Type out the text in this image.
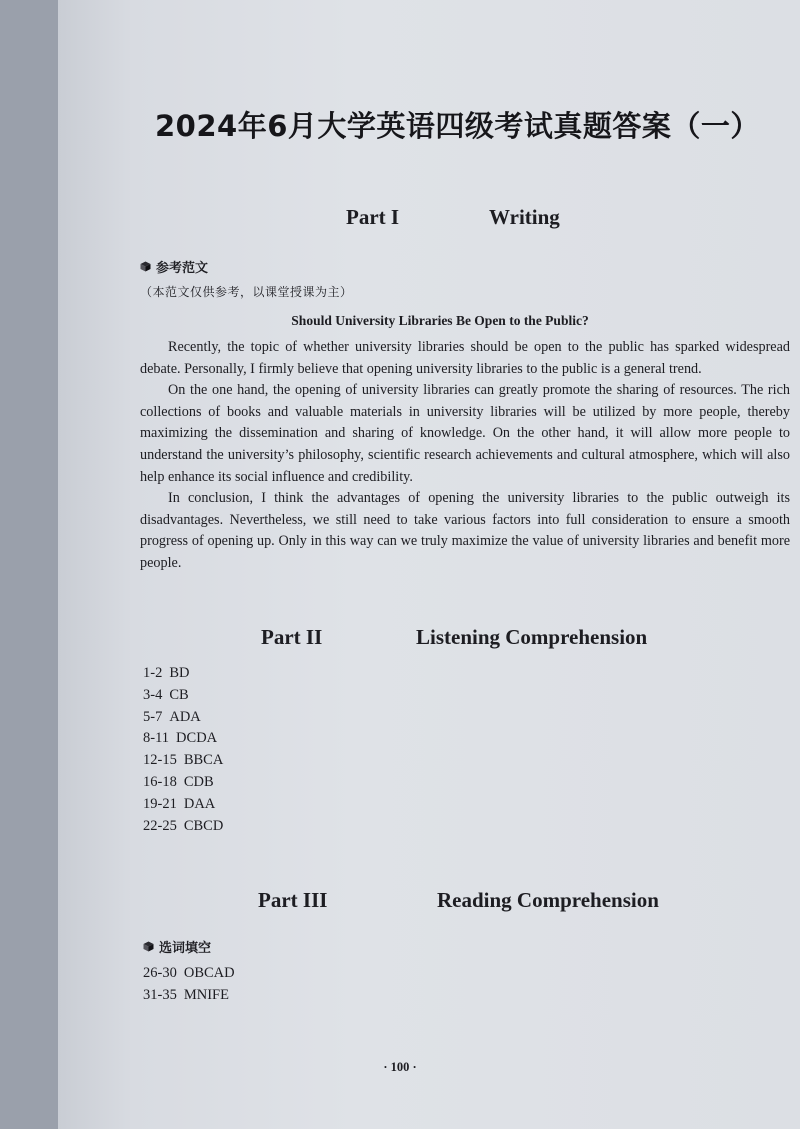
2024年6月大学英语四级考试真题答案（一）
Part I	Writing
参考范文
（本范文仅供参考，以课堂授课为主）
Should University Libraries Be Open to the Public?

Recently, the topic of whether university libraries should be open to the public has sparked widespread debate. Personally, I firmly believe that opening university libraries to the public is a general trend.

On the one hand, the opening of university libraries can greatly promote the sharing of resources. The rich collections of books and valuable materials in university libraries will be utilized by more people, thereby maximizing the dissemination and sharing of knowledge. On the other hand, it will allow more people to understand the university’s philosophy, scientific research achievements and cultural atmosphere, which will also help enhance its social influence and credibility.

In conclusion, I think the advantages of opening the university libraries to the public outweigh its disadvantages. Nevertheless, we still need to take various factors into full consideration to ensure a smooth progress of opening up. Only in this way can we truly maximize the value of university libraries and benefit more people.

Part II	Listening Comprehension
1-2 BD
3-4 CB
5-7 ADA
8-11 DCDA
12-15 BBCA
16-18 CDB
19-21 DAA
22-25 CBCD
Part III	Reading Comprehension
选词填空
26-30 OBCAD
31-35 MNIFE
· 100 ·
